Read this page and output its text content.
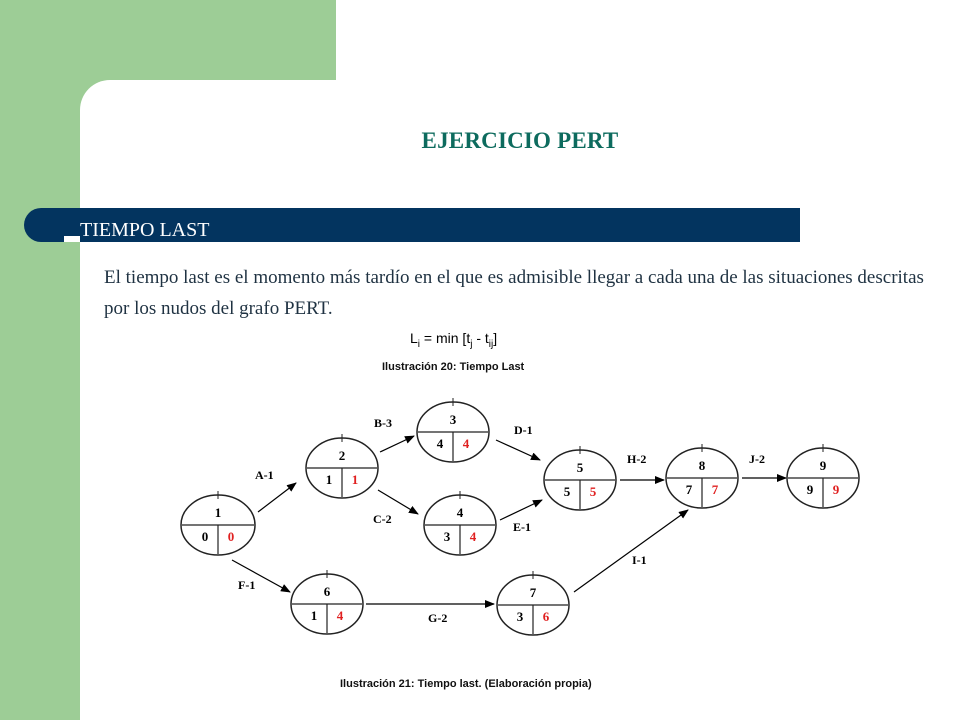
EJERCICIO PERT
TIEMPO LAST
El tiempo last es el momento más tardío en el que es admisible llegar a cada una de las situaciones descritas por los nudos del grafo PERT.
$L_i = \min [t_j - t_{ij}]$
Ilustración 20: Tiempo Last
A-1
B-3
C-2
D-1
E-1
F-1
G-2
H-2
I-1
J-2
1
0 0
2
1 1
3
4 4
4
3 4
5
5 5
6
1 4
7
3 6
8
7 7
9
9 9
Ilustración 21: Tiempo last. (Elaboración propia)
